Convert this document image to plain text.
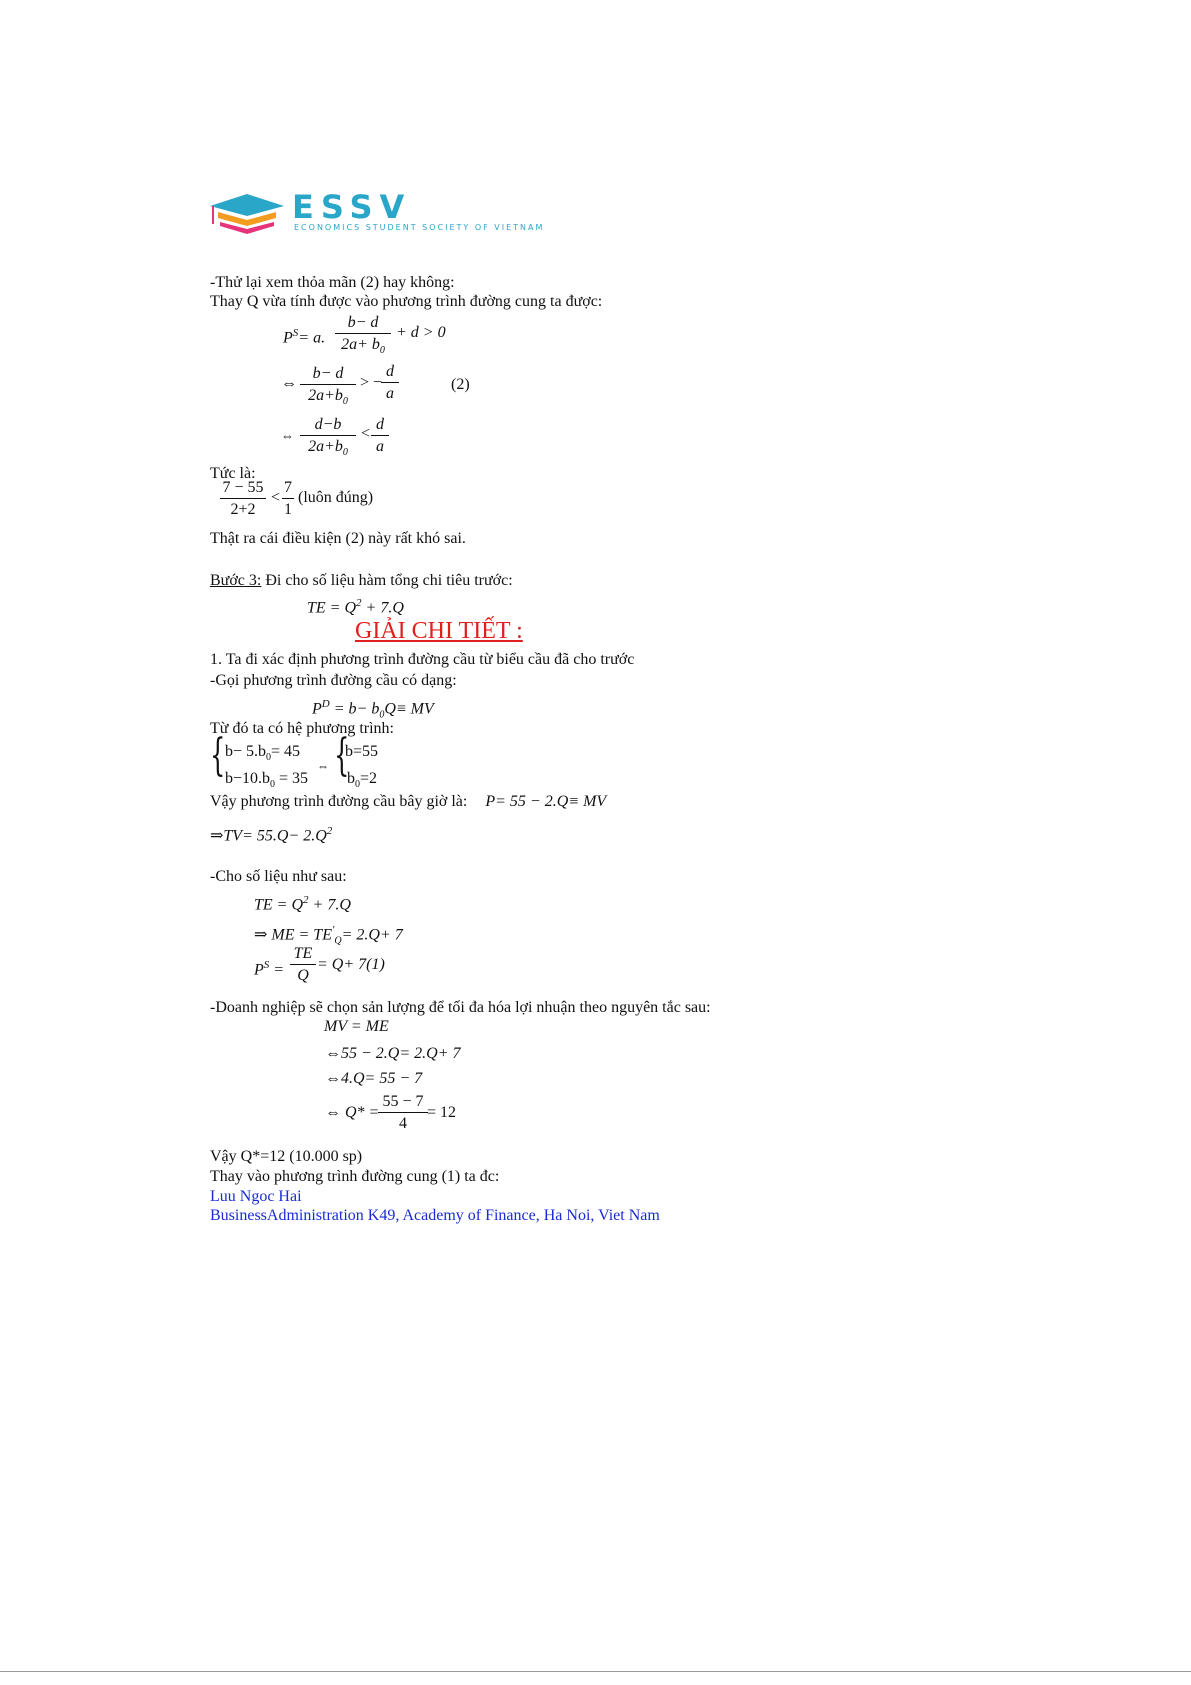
ESSV
ECONOMICS STUDENT SOCIETY OF VIETNAM
-Thử lại xem thỏa mãn (2) hay không:
Thay Q vừa tính được vào phương trình đường cung ta được:
$P^S= a$. $\frac{b- d}{2a+ b_0} + d > 0$
⇔ $\frac{b- d}{2a+b_0}$ > −
$\frac{d}{a}$	(2)
⇔ $\frac{d-b}{2a+b_0} < \frac{d}{a}$
Tức là:
$\frac{7 - 55}{2+2} < \frac{7}{1}$ (luôn đúng)
Thật ra cái điều kiện (2) này rất khó sai.
Bước 3: Đi cho số liệu hàm tổng chi tiêu trước:
TE = $Q^2 + 7.Q$
GIẢI CHI TIẾT :
1. Ta đi xác định phương trình đường cầu từ biểu cầu đã cho trước
-Gọi phương trình đường cầu có dạng:
$P^D = b- b_0Q\equiv$ MV
Từ đó ta có hệ phương trình:
{ $b- 5.b_0= 45$
$b-10.b_0 = 35$
⇔ {
b=55
$b_0=2$
Vậy phương trình đường cầu bây giờ là: P= 55 − 2.Q≡ MV
⇒TV= $55.Q- 2.Q^2$
-Cho số liệu như sau:
TE = $Q^2 + 7.Q$
⇒ ME = $TE'_Q= 2.Q+ 7$
$P^S = \frac{TE}{Q} = Q+ 7(1)$
-Doanh nghiệp sẽ chọn sản lượng để tối đa hóa lợi nhuận theo nguyên tắc sau:
MV = ME
⇔55 − 2.Q= 2.Q+ 7
⇔4.Q= 55 − 7
⇔ Q* =
$\frac{55 - 7}{4} = 12$
Vậy Q*=12 (10.000 sp)
Thay vào phương trình đường cung (1) ta đc:
Luu Ngoc Hai
BusinessAdministration K49, Academy of Finance, Ha Noi, Viet Nam
